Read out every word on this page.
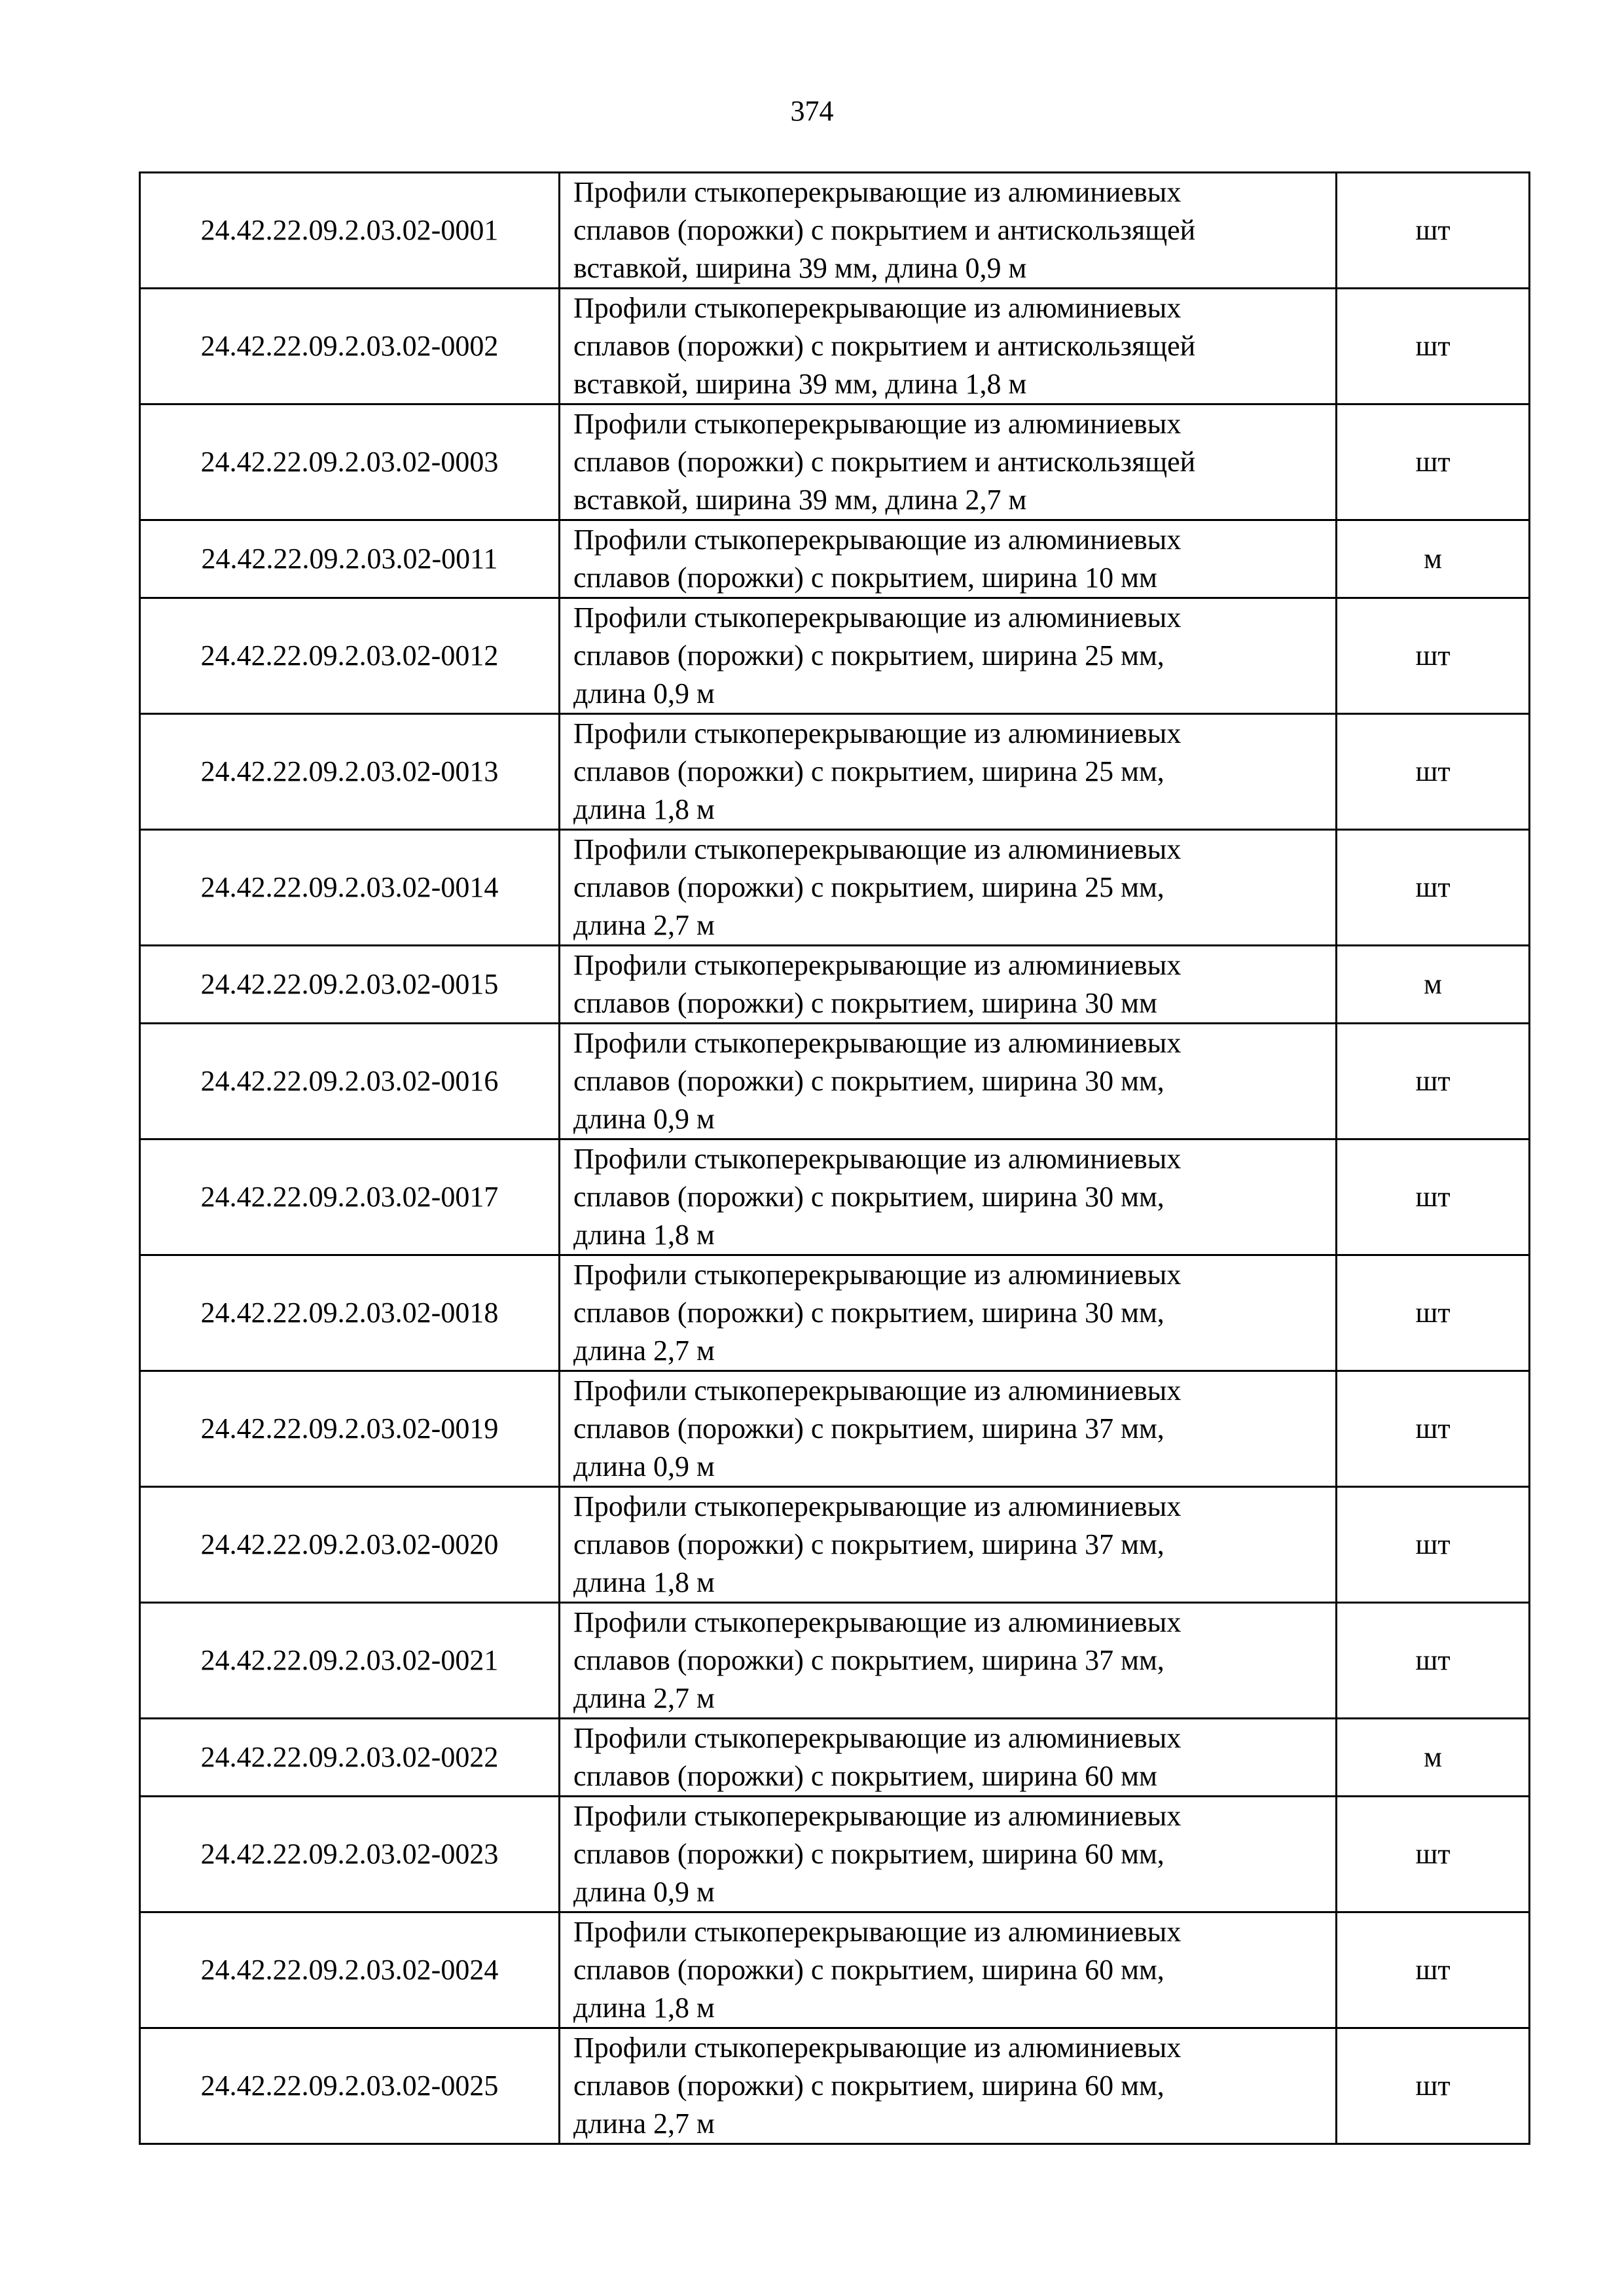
374
24.42.22.09.2.03.02-0001	Профили стыкоперекрывающие из алюминиевых
сплавов (порожки) с покрытием и антискользящей
вставкой, ширина 39 мм, длина 0,9 м	шт
24.42.22.09.2.03.02-0002	Профили стыкоперекрывающие из алюминиевых
сплавов (порожки) с покрытием и антискользящей
вставкой, ширина 39 мм, длина 1,8 м	шт
24.42.22.09.2.03.02-0003	Профили стыкоперекрывающие из алюминиевых
сплавов (порожки) с покрытием и антискользящей
вставкой, ширина 39 мм, длина 2,7 м	шт
24.42.22.09.2.03.02-0011	Профили стыкоперекрывающие из алюминиевых
сплавов (порожки) с покрытием, ширина 10 мм	м
24.42.22.09.2.03.02-0012	Профили стыкоперекрывающие из алюминиевых
сплавов (порожки) с покрытием, ширина 25 мм,
длина 0,9 м	шт
24.42.22.09.2.03.02-0013	Профили стыкоперекрывающие из алюминиевых
сплавов (порожки) с покрытием, ширина 25 мм,
длина 1,8 м	шт
24.42.22.09.2.03.02-0014	Профили стыкоперекрывающие из алюминиевых
сплавов (порожки) с покрытием, ширина 25 мм,
длина 2,7 м	шт
24.42.22.09.2.03.02-0015	Профили стыкоперекрывающие из алюминиевых
сплавов (порожки) с покрытием, ширина 30 мм	м
24.42.22.09.2.03.02-0016	Профили стыкоперекрывающие из алюминиевых
сплавов (порожки) с покрытием, ширина 30 мм,
длина 0,9 м	шт
24.42.22.09.2.03.02-0017	Профили стыкоперекрывающие из алюминиевых
сплавов (порожки) с покрытием, ширина 30 мм,
длина 1,8 м	шт
24.42.22.09.2.03.02-0018	Профили стыкоперекрывающие из алюминиевых
сплавов (порожки) с покрытием, ширина 30 мм,
длина 2,7 м	шт
24.42.22.09.2.03.02-0019	Профили стыкоперекрывающие из алюминиевых
сплавов (порожки) с покрытием, ширина 37 мм,
длина 0,9 м	шт
24.42.22.09.2.03.02-0020	Профили стыкоперекрывающие из алюминиевых
сплавов (порожки) с покрытием, ширина 37 мм,
длина 1,8 м	шт
24.42.22.09.2.03.02-0021	Профили стыкоперекрывающие из алюминиевых
сплавов (порожки) с покрытием, ширина 37 мм,
длина 2,7 м	шт
24.42.22.09.2.03.02-0022	Профили стыкоперекрывающие из алюминиевых
сплавов (порожки) с покрытием, ширина 60 мм	м
24.42.22.09.2.03.02-0023	Профили стыкоперекрывающие из алюминиевых
сплавов (порожки) с покрытием, ширина 60 мм,
длина 0,9 м	шт
24.42.22.09.2.03.02-0024	Профили стыкоперекрывающие из алюминиевых
сплавов (порожки) с покрытием, ширина 60 мм,
длина 1,8 м	шт
24.42.22.09.2.03.02-0025	Профили стыкоперекрывающие из алюминиевых
сплавов (порожки) с покрытием, ширина 60 мм,
длина 2,7 м	шт
